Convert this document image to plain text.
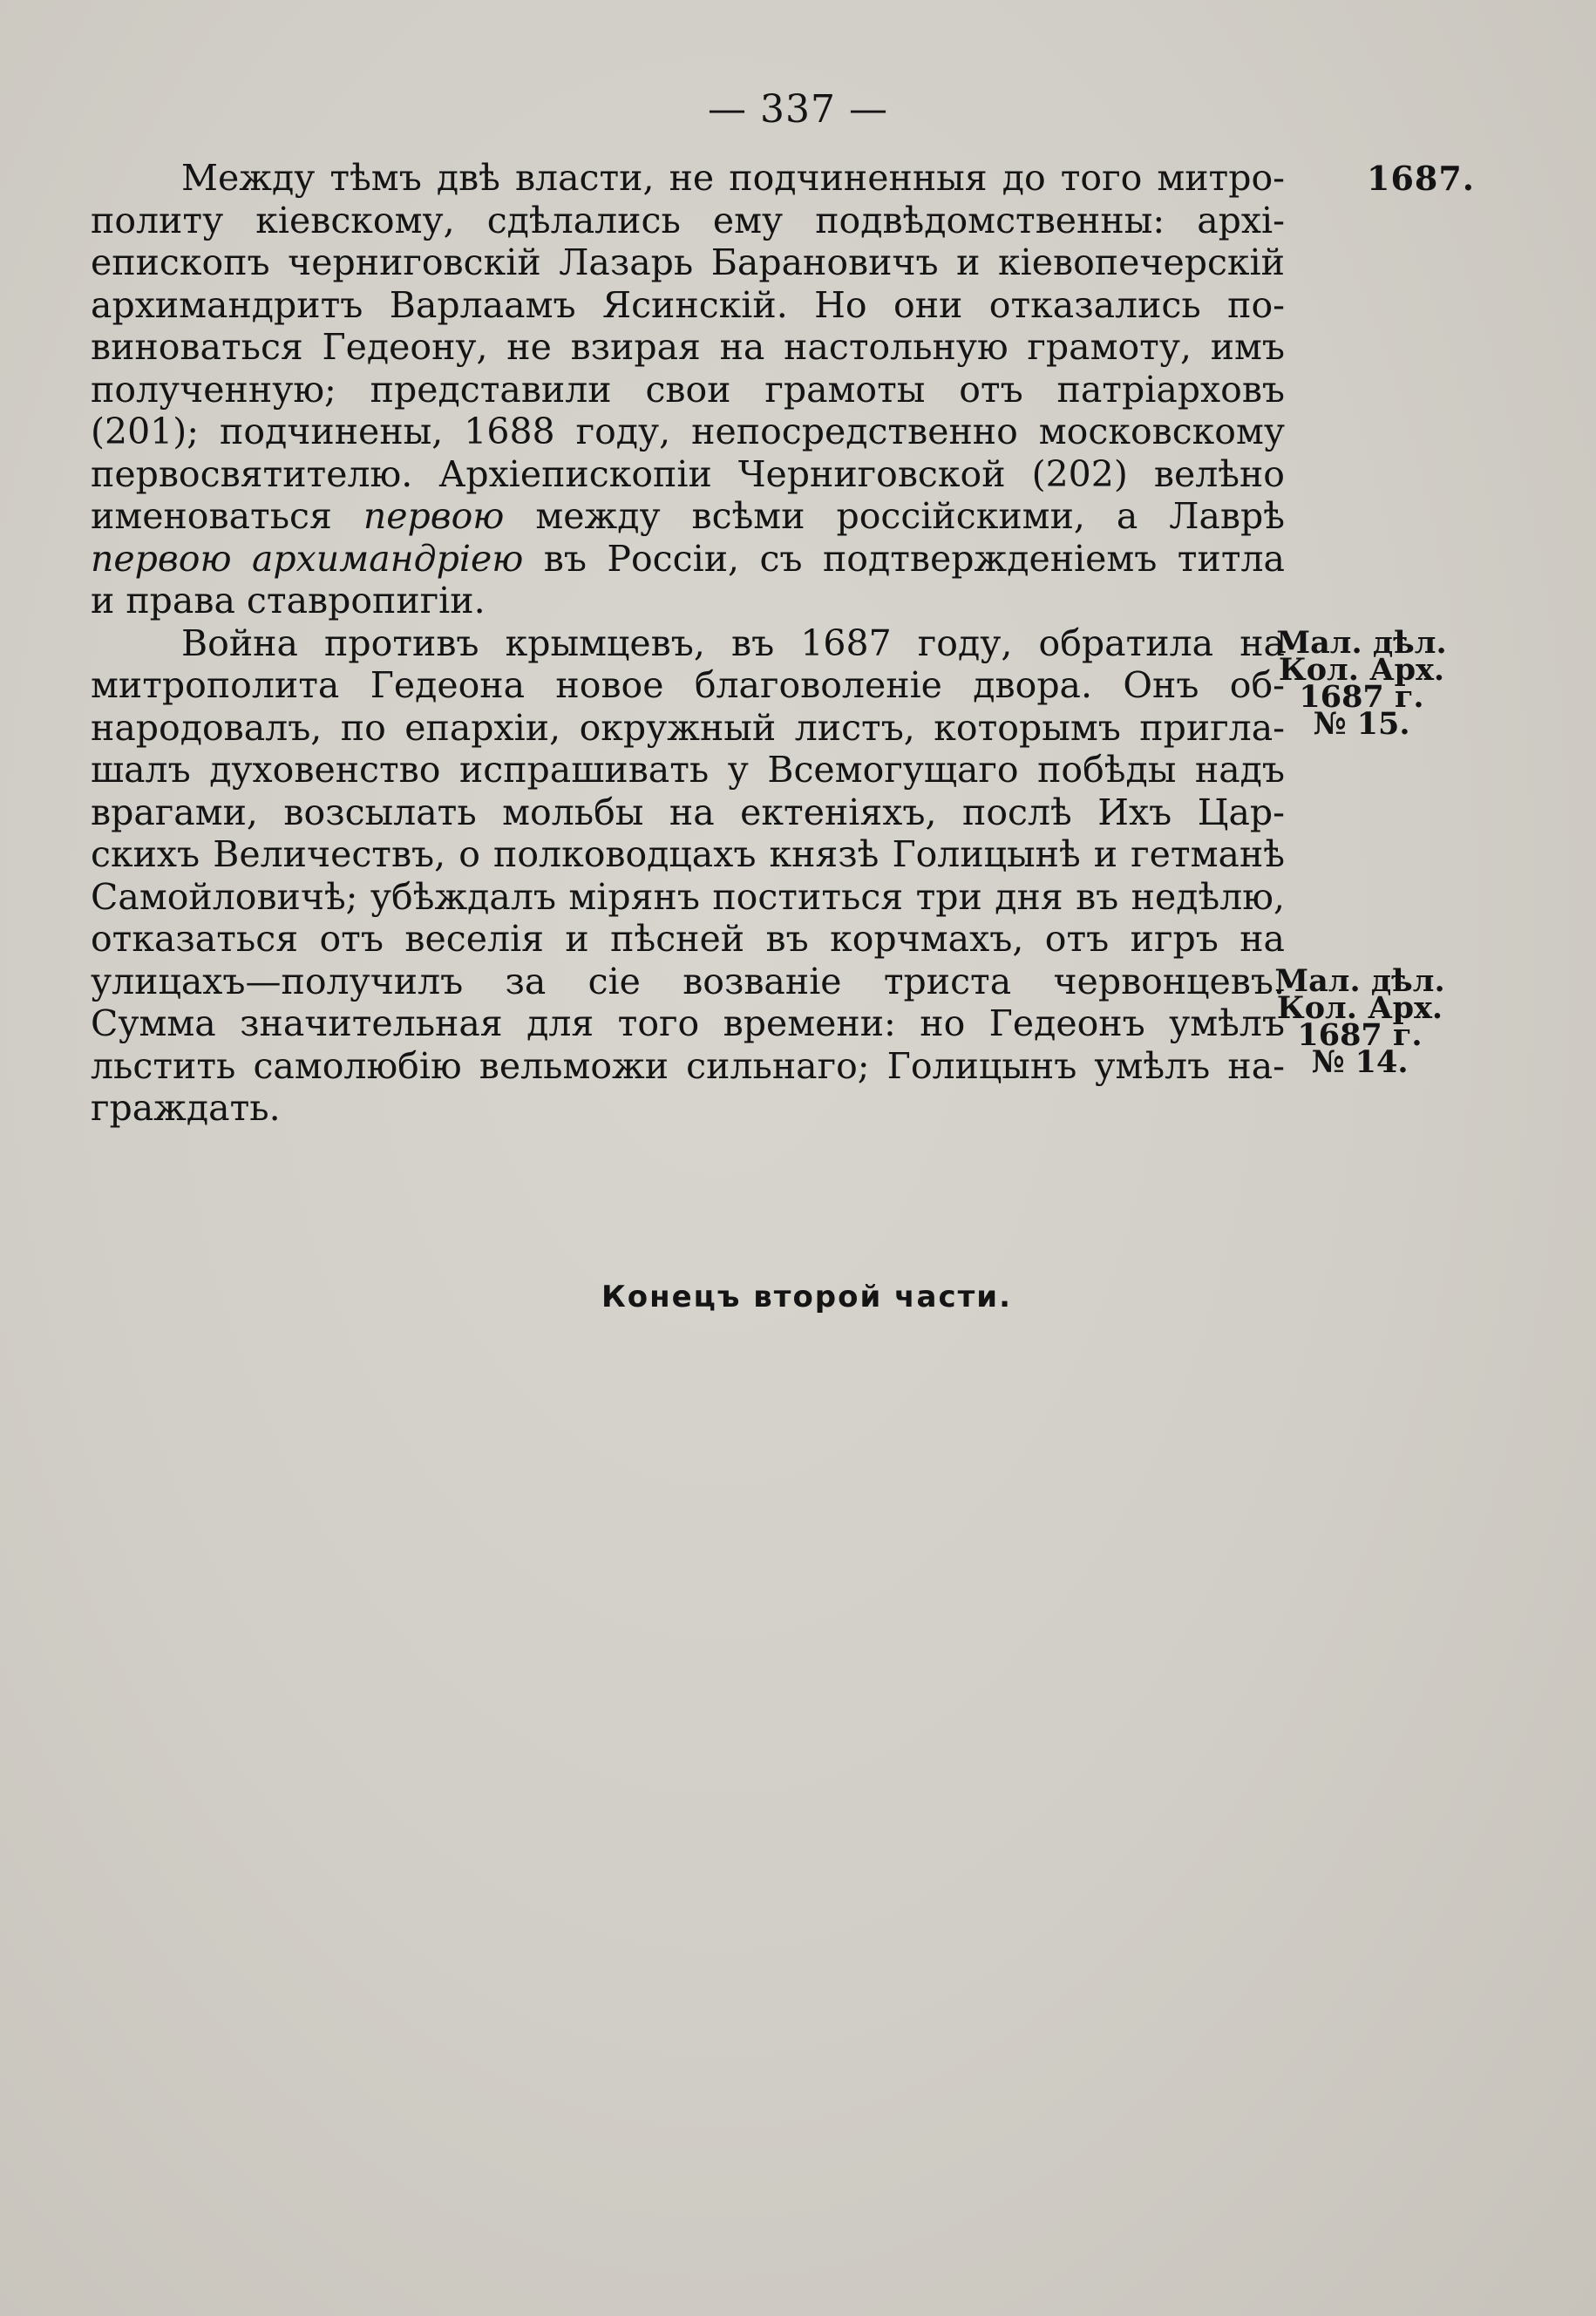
— 337 —
1687.
Между тѣмъ двѣ власти, не подчиненныя до того митро-
политу кіевскому, сдѣлались ему подвѣдомственны: архі-
епископъ черниговскій Лазарь Барановичъ и кіевопечерскій
архимандритъ Варлаамъ Ясинскій. Но они отказались по-
виноваться Гедеону, не взирая на настольную грамоту, имъ
полученную; представили свои грамоты отъ патріарховъ
(201); подчинены, 1688 году, непосредственно московскому
первосвятителю. Архіепископіи Черниговской (202) велѣно
именоваться первою между всѣми россійскими, а Лаврѣ
первою архимандріею въ Россіи, съ подтвержденіемъ титла
и права ставропигіи.
Война противъ крымцевъ, въ 1687 году, обратила на
митрополита Гедеона новое благоволеніе двора. Онъ об-
народовалъ, по епархіи, окружный листъ, которымъ пригла-
шалъ духовенство испрашивать у Всемогущаго побѣды надъ
врагами, возсылать мольбы на ектеніяхъ, послѣ Ихъ Цар-
скихъ Величествъ, о полководцахъ князѣ Голицынѣ и гетманѣ
Самойловичѣ; убѣждалъ мірянъ поститься три дня въ недѣлю,
отказаться отъ веселія и пѣсней въ корчмахъ, отъ игръ на
улицахъ—получилъ за сіе возваніе триста червонцевъ.
Сумма значительная для того времени: но Гедеонъ умѣлъ
льстить самолюбію вельможи сильнаго; Голицынъ умѣлъ на-
граждать.
Мал. дѣл.
Кол. Арх.
1687 г.
№ 15.
Мал. дѣл.
Кол. Арх.
1687 г.
№ 14.
Конецъ второй части.
